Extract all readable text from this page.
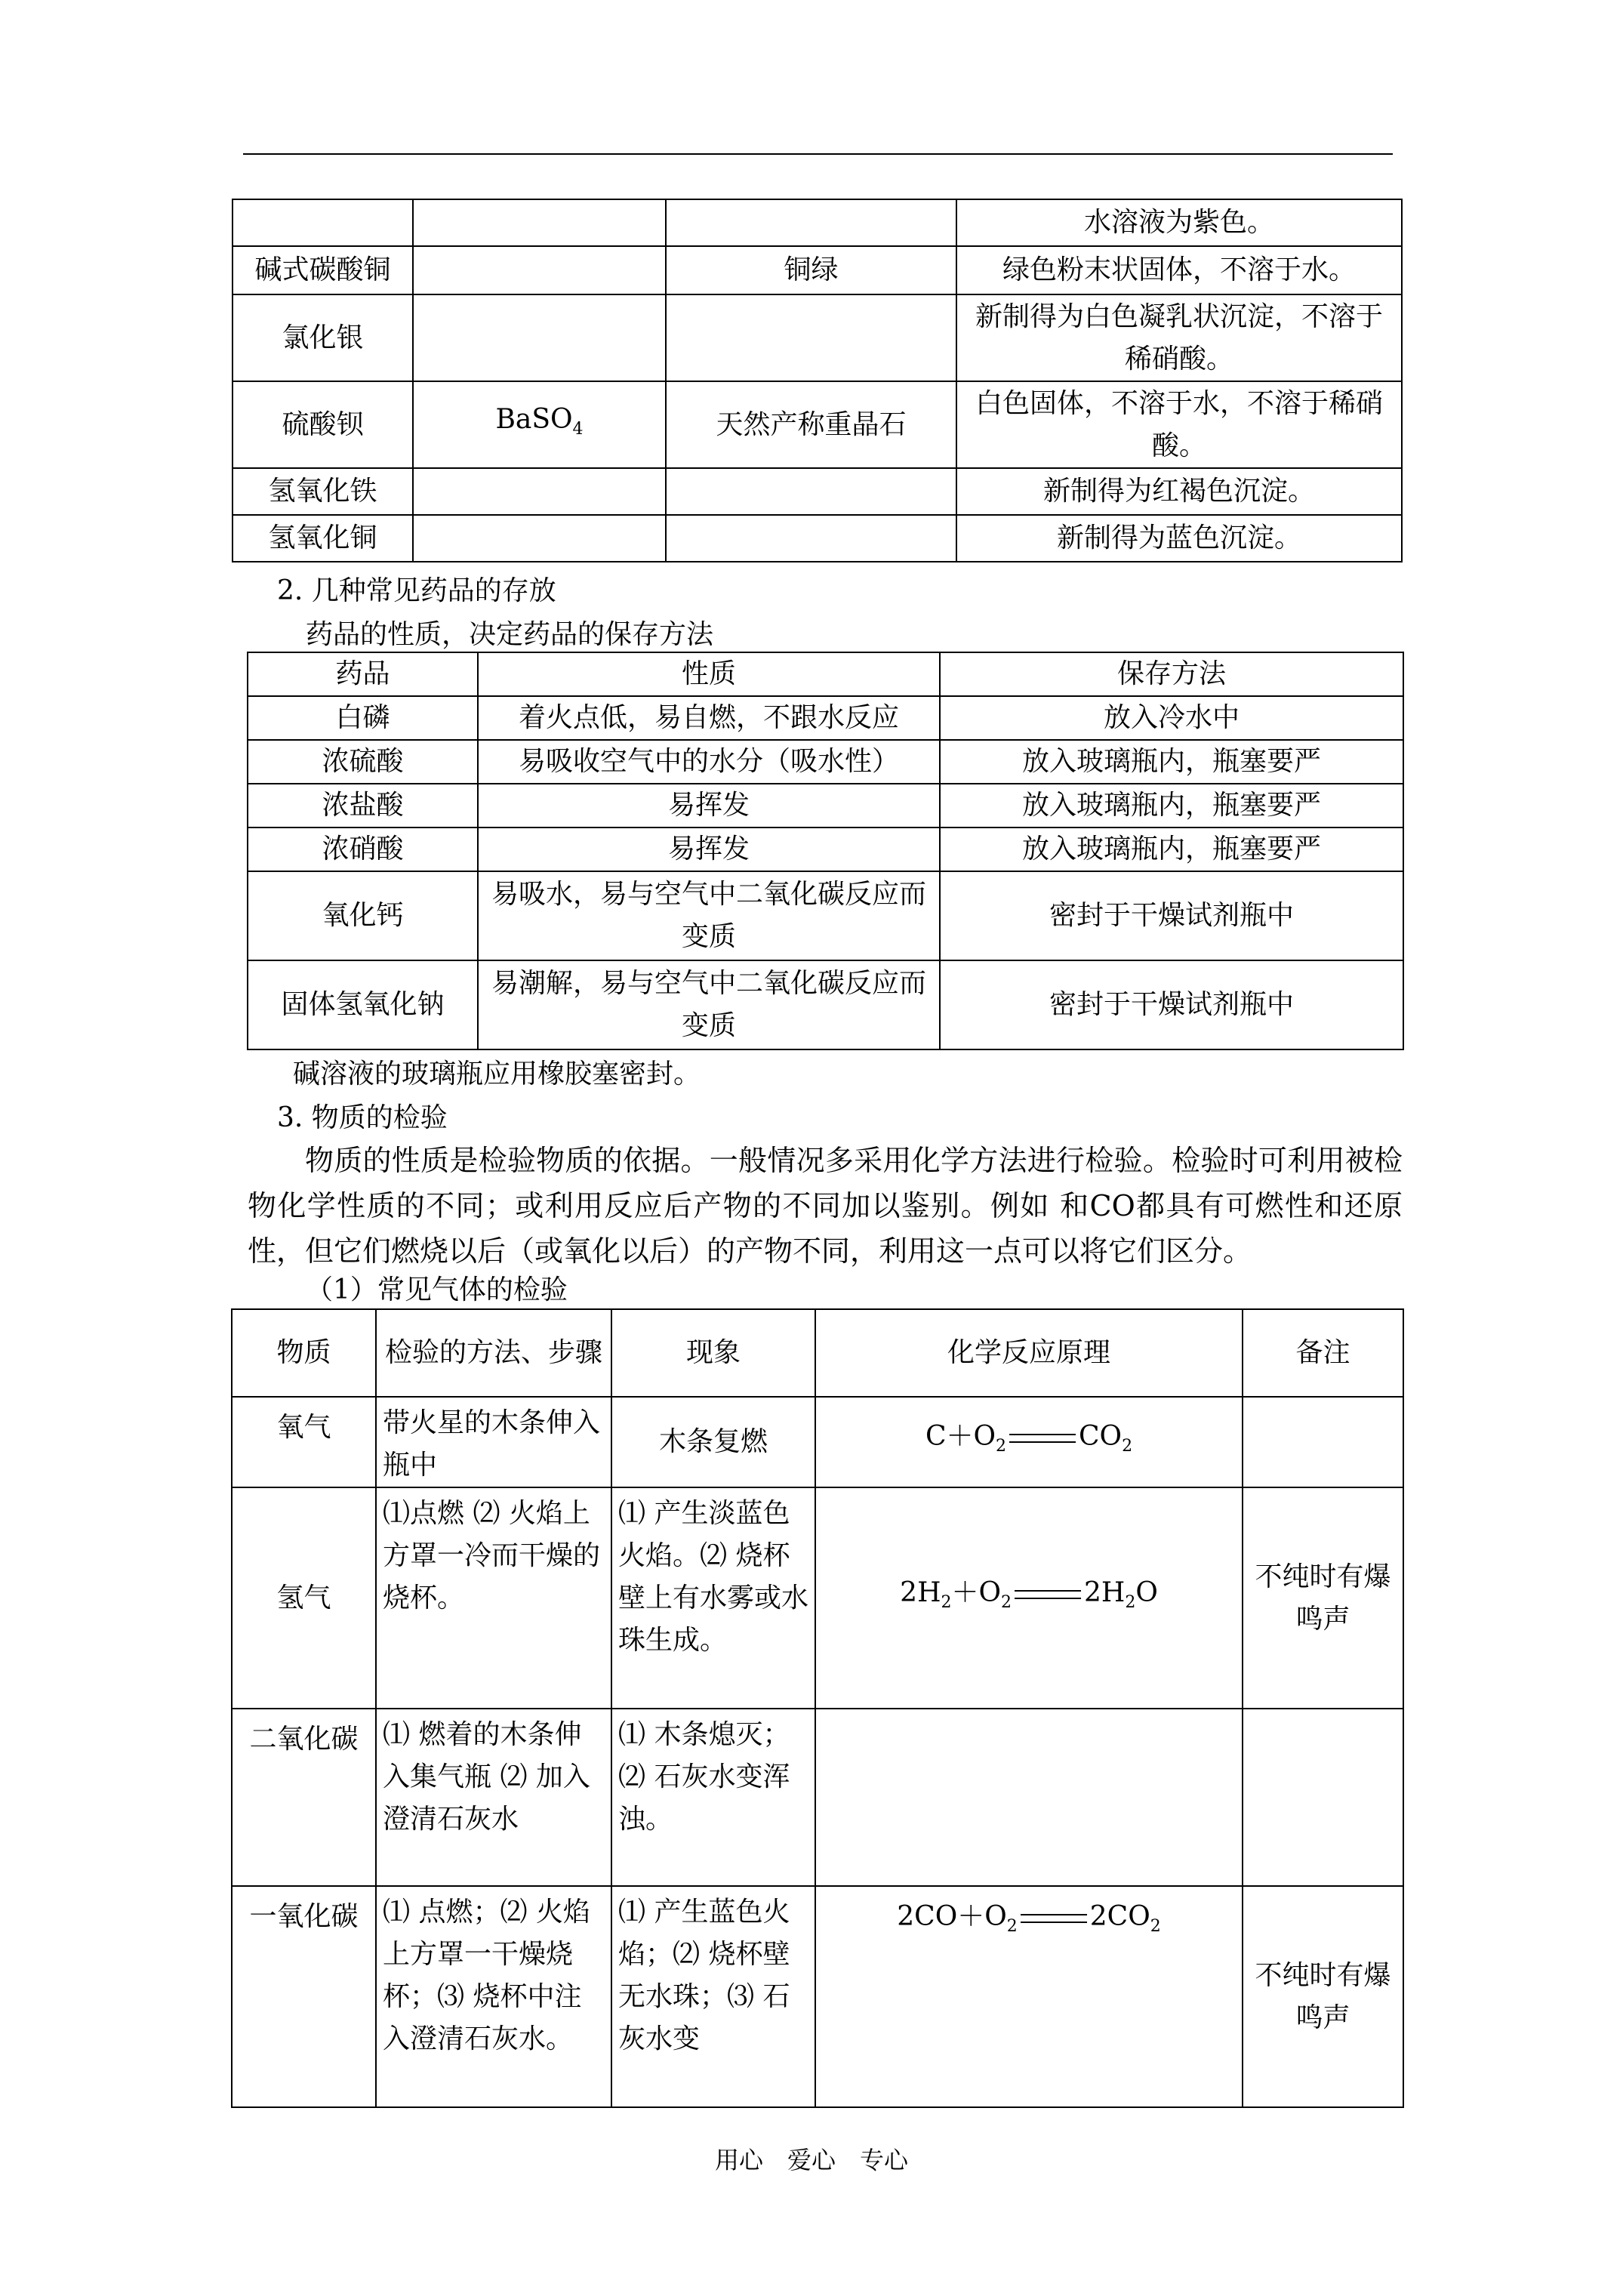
			水溶液为紫色。
碱式碳酸铜		铜绿	绿色粉末状固体，不溶于水。
氯化银			新制得为白色凝乳状沉淀，不溶于稀硝酸。
硫酸钡	BaSO$_4$	天然产称重晶石	白色固体，不溶于水，不溶于稀硝酸。
氢氧化铁			新制得为红褐色沉淀。
氢氧化铜			新制得为蓝色沉淀。
2. 几种常见药品的存放
药品的性质，决定药品的保存方法
药品	性质	保存方法
白磷	着火点低，易自燃，不跟水反应	放入冷水中
浓硫酸	易吸收空气中的水分（吸水性）	放入玻璃瓶内，瓶塞要严
浓盐酸	易挥发	放入玻璃瓶内，瓶塞要严
浓硝酸	易挥发	放入玻璃瓶内，瓶塞要严
氧化钙	易吸水，易与空气中二氧化碳反应而变质	密封于干燥试剂瓶中
固体氢氧化钠	易潮解，易与空气中二氧化碳反应而变质	密封于干燥试剂瓶中
碱溶液的玻璃瓶应用橡胶塞密封。
3. 物质的检验
物质的性质是检验物质的依据。一般情况多采用化学方法进行检验。检验时可利用被检物化学性质的不同；或利用反应后产物的不同加以鉴别。例如 和CO都具有可燃性和还原性，但它们燃烧以后（或氧化以后）的产物不同，利用这一点可以将它们区分。
（1）常见气体的检验
物质	检验的方法、步骤	现象	化学反应原理	备注
氧气	带火星的木条伸入瓶中	木条复燃	$C+O_2$ $CO_2$	
氢气	⑴点燃 ⑵ 火焰上方罩一冷而干燥的烧杯。	⑴ 产生淡蓝色火焰。⑵ 烧杯壁上有水雾或水珠生成。	$2H_2+O_2$ $2H_2O$	不纯时有爆鸣声
二氧化碳	⑴ 燃着的木条伸入集气瓶 ⑵ 加入澄清石灰水	⑴ 木条熄灭；⑵ 石灰水变浑浊。		
一氧化碳	⑴ 点燃；⑵ 火焰上方罩一干燥烧杯；⑶ 烧杯中注入澄清石灰水。	⑴ 产生蓝色火焰；⑵ 烧杯壁无水珠；⑶ 石灰水变	$2CO+O_2$ $2CO_2$	不纯时有爆鸣声
用心　爱心　专心
